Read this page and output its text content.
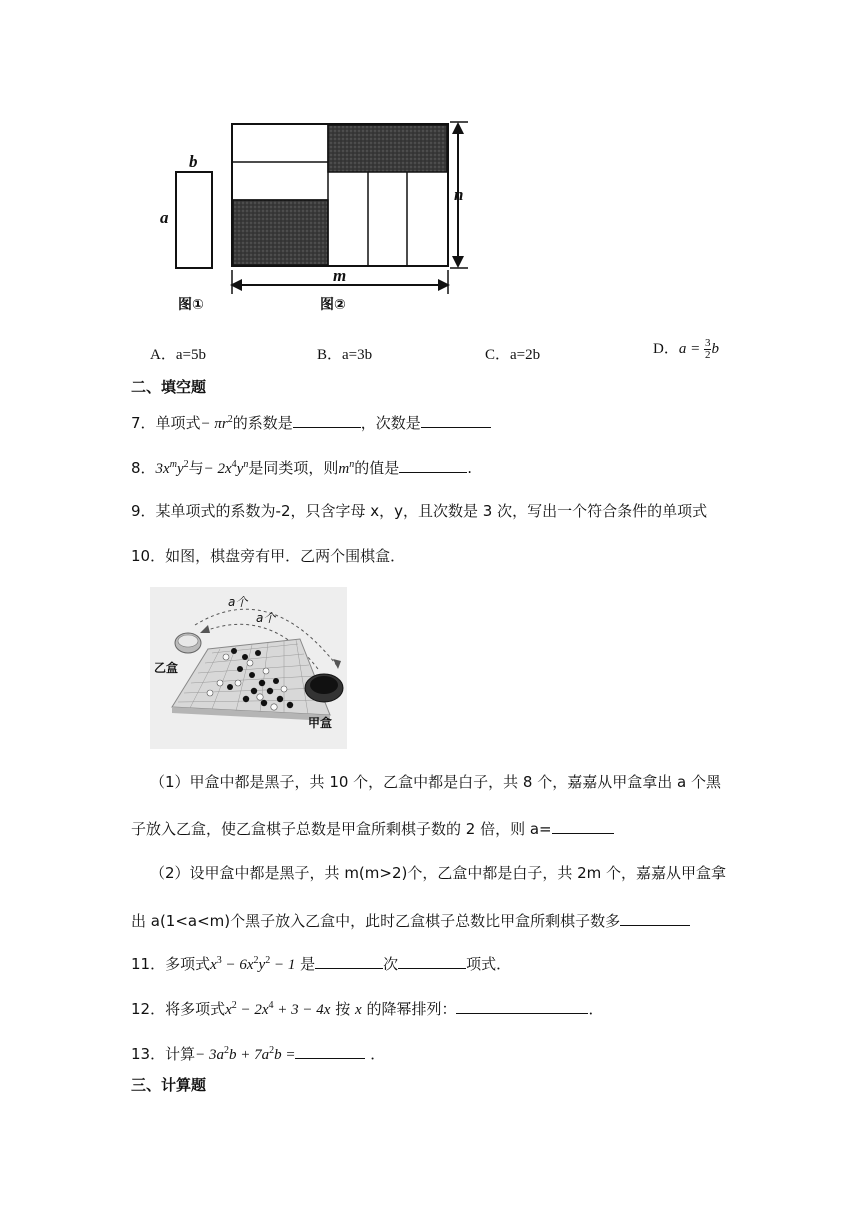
b
a
n
m
图①	图②
A．a=5b	B．a=3b	C．a=2b	D．$a = \frac{3}{2}$ b
二、填空题
7．单项式− $\pi r^2$的系数是	，次数是
8．$3x^my^2$与− $2x^4y^n$是同类项，则$m^n$的值是	.
9．某单项式的系数为-2，只含字母 x，y，且次数是 3 次，写出一个符合条件的单项式
10．如图，棋盘旁有甲．乙两个围棋盒．
a个
a个
乙盒
甲盒
（1）甲盒中都是黑子，共 10 个，乙盒中都是白子，共 8 个，嘉嘉从甲盒拿出 a 个黑
子放入乙盒，使乙盒棋子总数是甲盒所剩棋子数的 2 倍，则 a=
（2）设甲盒中都是黑子，共 m(m>2)个，乙盒中都是白子，共 2m 个，嘉嘉从甲盒拿
出 a(1<a<m)个黑子放入乙盒中，此时乙盒棋子总数比甲盒所剩棋子数多
11．多项式$x^3 - 6x^2y^2 - 1$ 是	次	项式．
12．将多项式$x^2 - 2x^4 + 3 - 4x$ 按 x 的降幂排列：	．
13．计算− $3a^2b + 7a^2b$ =	．
三、计算题
